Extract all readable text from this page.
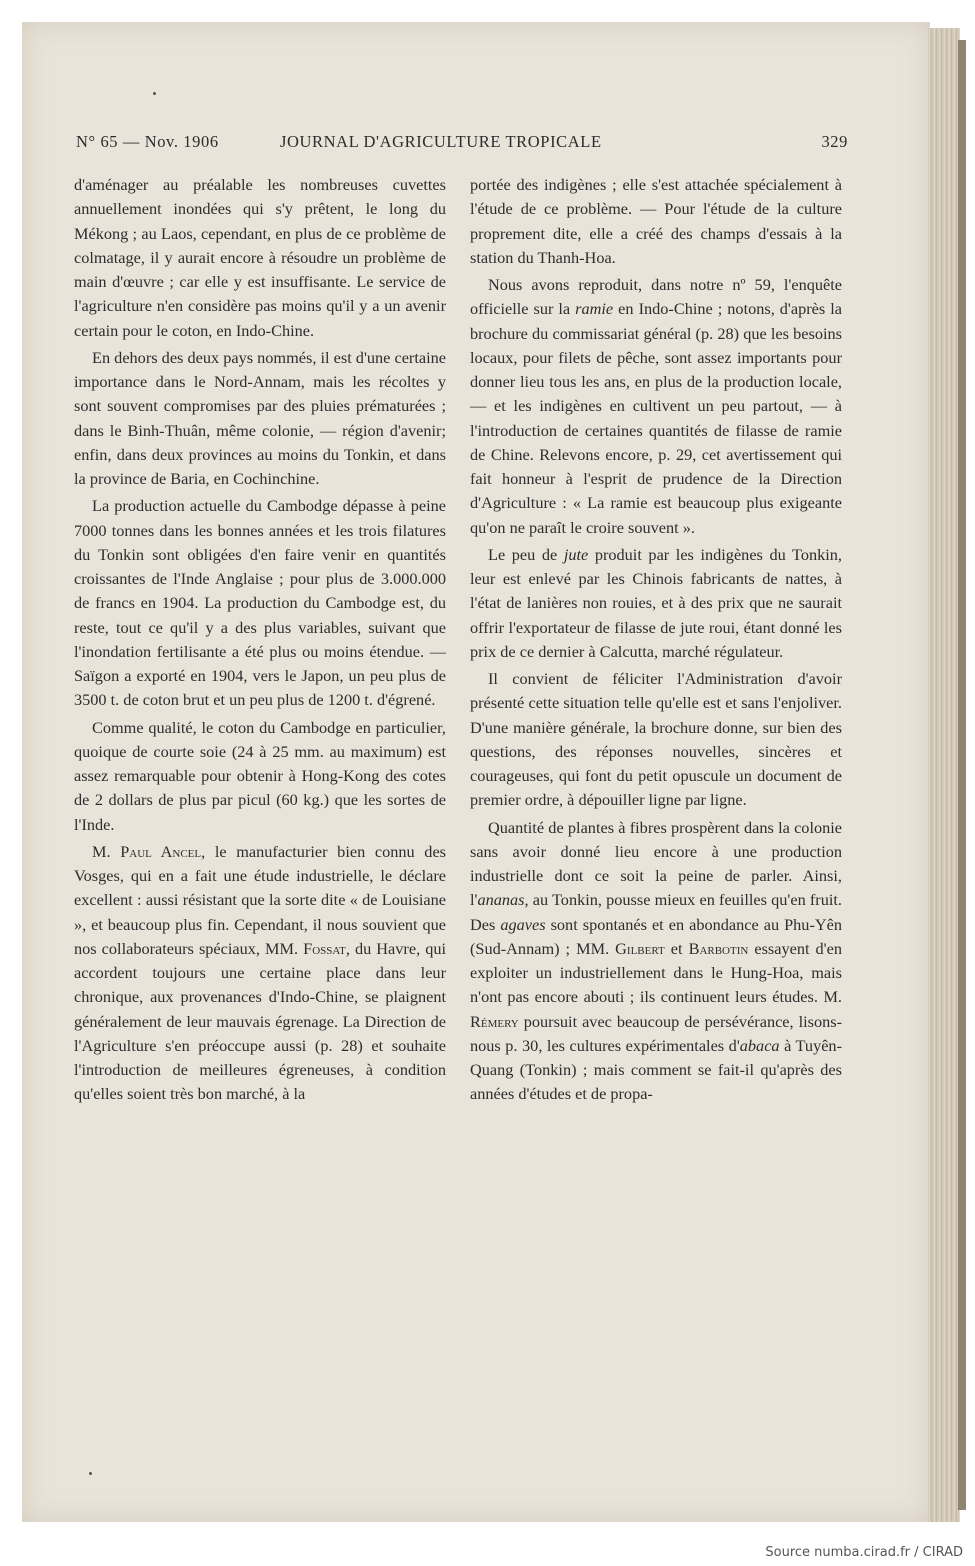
N° 65 — Nov. 1906	JOURNAL D'AGRICULTURE TROPICALE	329

d'aménager au préalable les nombreuses cuvettes annuellement inondées qui s'y prêtent, le long du Mékong ; au Laos, cependant, en plus de ce problème de colmatage, il y aurait encore à résoudre un problème de main d'œuvre ; car elle y est insuffisante. Le service de l'agriculture n'en considère pas moins qu'il y a un avenir certain pour le coton, en Indo-Chine.

En dehors des deux pays nommés, il est d'une certaine importance dans le Nord-Annam, mais les récoltes y sont souvent compromises par des pluies prématurées ; dans le Binh-Thuân, même colonie, — région d'avenir; enfin, dans deux provinces au moins du Tonkin, et dans la province de Baria, en Cochinchine.

La production actuelle du Cambodge dépasse à peine 7000 tonnes dans les bonnes années et les trois filatures du Tonkin sont obligées d'en faire venir en quantités croissantes de l'Inde Anglaise ; pour plus de 3.000.000 de francs en 1904. La production du Cambodge est, du reste, tout ce qu'il y a des plus variables, suivant que l'inondation fertilisante a été plus ou moins étendue. — Saïgon a exporté en 1904, vers le Japon, un peu plus de 3500 t. de coton brut et un peu plus de 1200 t. d'égrené.

Comme qualité, le coton du Cambodge en particulier, quoique de courte soie (24 à 25 mm. au maximum) est assez remarquable pour obtenir à Hong-Kong des cotes de 2 dollars de plus par picul (60 kg.) que les sortes de l'Inde.

M. Paul Ancel, le manufacturier bien connu des Vosges, qui en a fait une étude industrielle, le déclare excellent : aussi résistant que la sorte dite « de Louisiane », et beaucoup plus fin. Cependant, il nous souvient que nos collaborateurs spéciaux, MM. Fossat, du Havre, qui accordent toujours une certaine place dans leur chronique, aux provenances d'Indo-Chine, se plaignent généralement de leur mauvais égrenage. La Direction de l'Agriculture s'en préoccupe aussi (p. 28) et souhaite l'introduction de meilleures égreneuses, à condition qu'elles soient très bon marché, à la

portée des indigènes ; elle s'est attachée spécialement à l'étude de ce problème. — Pour l'étude de la culture proprement dite, elle a créé des champs d'essais à la station du Thanh-Hoa.

Nous avons reproduit, dans notre nº 59, l'enquête officielle sur la ramie en Indo-Chine ; notons, d'après la brochure du commissariat général (p. 28) que les besoins locaux, pour filets de pêche, sont assez importants pour donner lieu tous les ans, en plus de la production locale, — et les indigènes en cultivent un peu partout, — à l'introduction de certaines quantités de filasse de ramie de Chine. Relevons encore, p. 29, cet avertissement qui fait honneur à l'esprit de prudence de la Direction d'Agriculture : « La ramie est beaucoup plus exigeante qu'on ne paraît le croire souvent ».

Le peu de jute produit par les indigènes du Tonkin, leur est enlevé par les Chinois fabricants de nattes, à l'état de lanières non rouies, et à des prix que ne saurait offrir l'exportateur de filasse de jute roui, étant donné les prix de ce dernier à Calcutta, marché régulateur.

Il convient de féliciter l'Administration d'avoir présenté cette situation telle qu'elle est et sans l'enjoliver. D'une manière générale, la brochure donne, sur bien des questions, des réponses nouvelles, sincères et courageuses, qui font du petit opuscule un document de premier ordre, à dépouiller ligne par ligne.

Quantité de plantes à fibres prospèrent dans la colonie sans avoir donné lieu encore à une production industrielle dont ce soit la peine de parler. Ainsi, l'ananas, au Tonkin, pousse mieux en feuilles qu'en fruit. Des agaves sont spontanés et en abondance au Phu-Yên (Sud-Annam) ; MM. Gilbert et Barbotin essayent d'en exploiter un industriellement dans le Hung-Hoa, mais n'ont pas encore abouti ; ils continuent leurs études. M. Rémery poursuit avec beaucoup de persévérance, lisons-nous p. 30, les cultures expérimentales d'abaca à Tuyên-Quang (Tonkin) ; mais comment se fait-il qu'après des années d'études et de propa-

Source numba.cirad.fr / CIRAD
